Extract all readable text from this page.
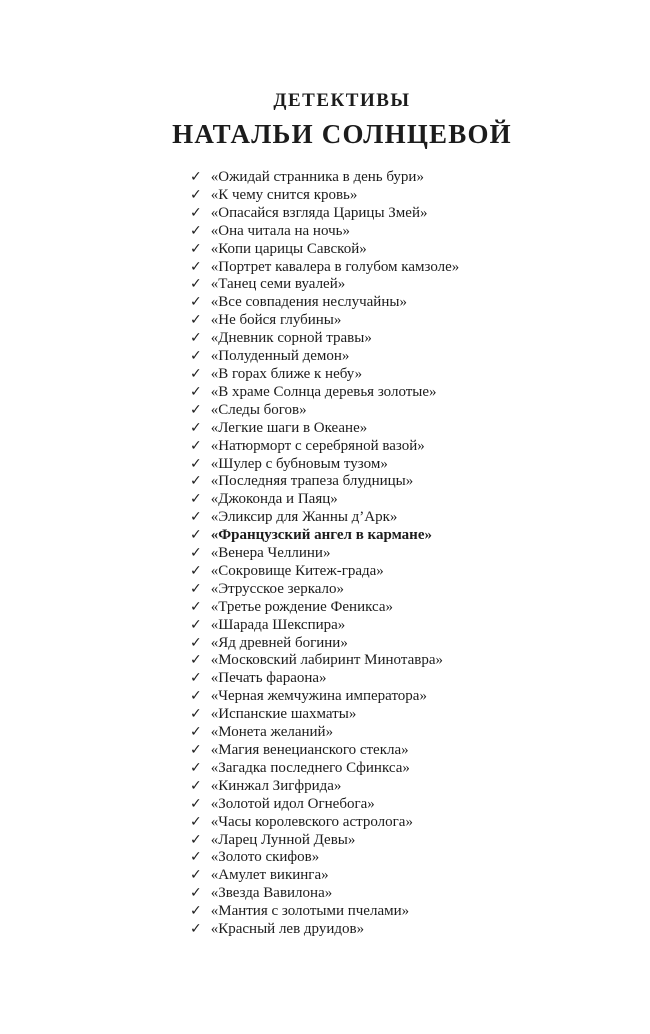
ДЕТЕКТИВЫ
НАТАЛЬИ СОЛНЦЕВОЙ
✓ «Ожидай странника в день бури»
✓ «К чему снится кровь»
✓ «Опасайся взгляда Царицы Змей»
✓ «Она читала на ночь»
✓ «Копи царицы Савской»
✓ «Портрет кавалера в голубом камзоле»
✓ «Танец семи вуалей»
✓ «Все совпадения неслучайны»
✓ «Не бойся глубины»
✓ «Дневник сорной травы»
✓ «Полуденный демон»
✓ «В горах ближе к небу»
✓ «В храме Солнца деревья золотые»
✓ «Следы богов»
✓ «Легкие шаги в Океане»
✓ «Натюрморт с серебряной вазой»
✓ «Шулер с бубновым тузом»
✓ «Последняя трапеза блудницы»
✓ «Джоконда и Паяц»
✓ «Эликсир для Жанны д’Арк»
✓ «Французский ангел в кармане»
✓ «Венера Челлини»
✓ «Сокровище Китеж-града»
✓ «Этрусское зеркало»
✓ «Третье рождение Феникса»
✓ «Шарада Шекспира»
✓ «Яд древней богини»
✓ «Московский лабиринт Минотавра»
✓ «Печать фараона»
✓ «Черная жемчужина императора»
✓ «Испанские шахматы»
✓ «Монета желаний»
✓ «Магия венецианского стекла»
✓ «Загадка последнего Сфинкса»
✓ «Кинжал Зигфрида»
✓ «Золотой идол Огнебога»
✓ «Часы королевского астролога»
✓ «Ларец Лунной Девы»
✓ «Золото скифов»
✓ «Амулет викинга»
✓ «Звезда Вавилона»
✓ «Мантия с золотыми пчелами»
✓ «Красный лев друидов»
